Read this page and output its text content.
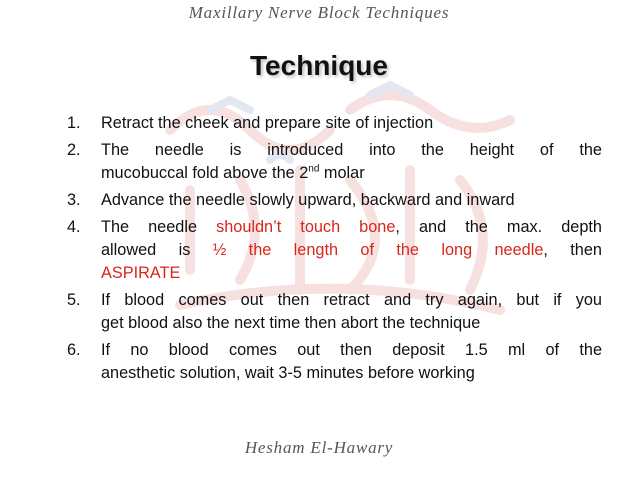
Maxillary Nerve Block Techniques
Technique
1. Retract the cheek and prepare site of injection
2. The needle is introduced into the height of the
mucobuccal fold above the 2nd molar
3. Advance the needle slowly upward, backward and inward
4. The needle shouldn’t touch bone, and the max. depth
allowed is ½ the length of the long needle, then
ASPIRATE
5. If blood comes out then retract and try again, but if you
get blood also the next time then abort the technique
6. If no blood comes out then deposit 1.5 ml of the
anesthetic solution, wait 3-5 minutes before working
Hesham El-Hawary
